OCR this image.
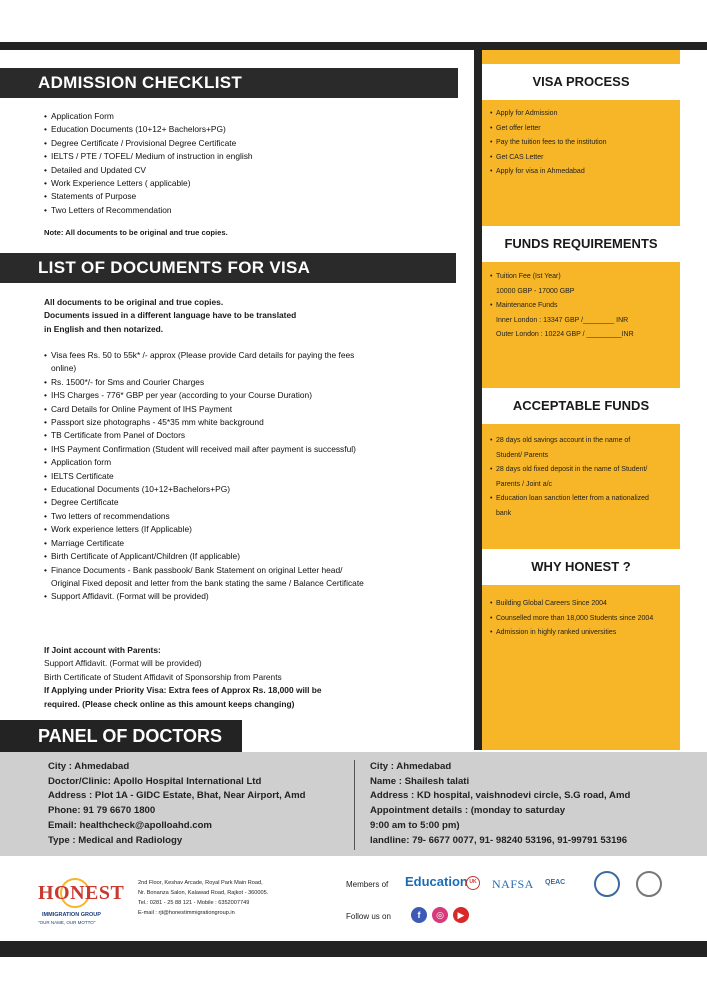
ADMISSION CHECKLIST
• Application Form
• Education Documents (10+12+ Bachelors+PG)
• Degree Certificate / Provisional Degree Certificate
• IELTS / PTE / TOFEL/ Medium of instruction in english
• Detailed and Updated CV
• Work Experience Letters ( applicable)
• Statements of Purpose
• Two Letters of Recommendation
Note: All documents to be original and true copies.
LIST OF DOCUMENTS FOR VISA
All documents to be original and true copies.
Documents issued in a different language have to be translated
in English and then notarized.
• Visa fees Rs. 50 to 55k* /- approx (Please provide Card details for paying the fees online)
• Rs. 1500*/- for Sms and Courier Charges
• IHS Charges - 776* GBP per year (according to your Course Duration)
• Card Details for Online Payment of IHS Payment
• Passport size photographs - 45*35 mm white background
• TB Certificate from Panel of Doctors
• IHS Payment Confirmation (Student will received mail after payment is successful)
• Application form
• IELTS Certificate
• Educational Documents (10+12+Bachelors+PG)
• Degree Certificate
• Two letters of recommendations
• Work experience letters (If Applicable)
• Marriage Certificate
• Birth Certificate of Applicant/Children (If applicable)
• Finance Documents - Bank passbook/ Bank Statement on original Letter head/ Original Fixed deposit and letter from the bank stating the same / Balance Certificate
• Support Affidavit. (Format will be provided)
If Joint account with Parents:
Support Affidavit. (Format will be provided)
Birth Certificate of Student Affidavit of Sponsorship from Parents
If Applying under Priority Visa: Extra fees of Approx Rs. 18,000 will be required. (Please check online as this amount keeps changing)
VISA PROCESS
• Apply for Admission
• Get offer letter
• Pay the tuition fees to the institution
• Get CAS Letter
• Apply for visa in Ahmedabad
FUNDS REQUIREMENTS
• Tuition Fee (Ist Year)
10000 GBP - 17000 GBP
• Maintenance Funds
Inner London : 13347 GBP /________ INR
Outer London : 10224 GBP / _________INR
ACCEPTABLE FUNDS
• 28 days old savings account in the name of Student/ Parents
• 28 days old fixed deposit in the name of Student/ Parents / Joint a/c
• Education loan sanction letter from a nationalized bank
WHY HONEST ?
• Building Global Careers Since 2004
• Counselled more than 18,000 Students since 2004
• Admission in highly ranked universities
PANEL OF DOCTORS
City : Ahmedabad
Doctor/Clinic: Apollo Hospital International Ltd
Address : Plot 1A - GIDC Estate, Bhat, Near Airport, Amd
Phone: 91 79 6670 1800
Email: healthcheck@apolloahd.com
Type : Medical and Radiology
City : Ahmedabad
Name : Shailesh talati
Address : KD hospital, vaishnodevi circle, S.G road, Amd
Appointment details : (monday to saturday
9:00 am to 5:00 pm)
landline: 79- 6677 0077, 91- 98240 53196, 91-99791 53196
HONEST
IMMIGRATION GROUP
"OUR NAME, OUR MOTTO"
2nd Floor, Keshav Arcade, Royal Park Main Road,
Nr. Bonanza Salon, Kalawad Road, Rajkot - 360005.
Tel.: 0281 - 25 88 121 - Mobile : 6352007749
E-mail : rjt@honestimmigrationgroup.in
Members of Education UK NAFSA QEAC
Follow us on	f	◎	▶
